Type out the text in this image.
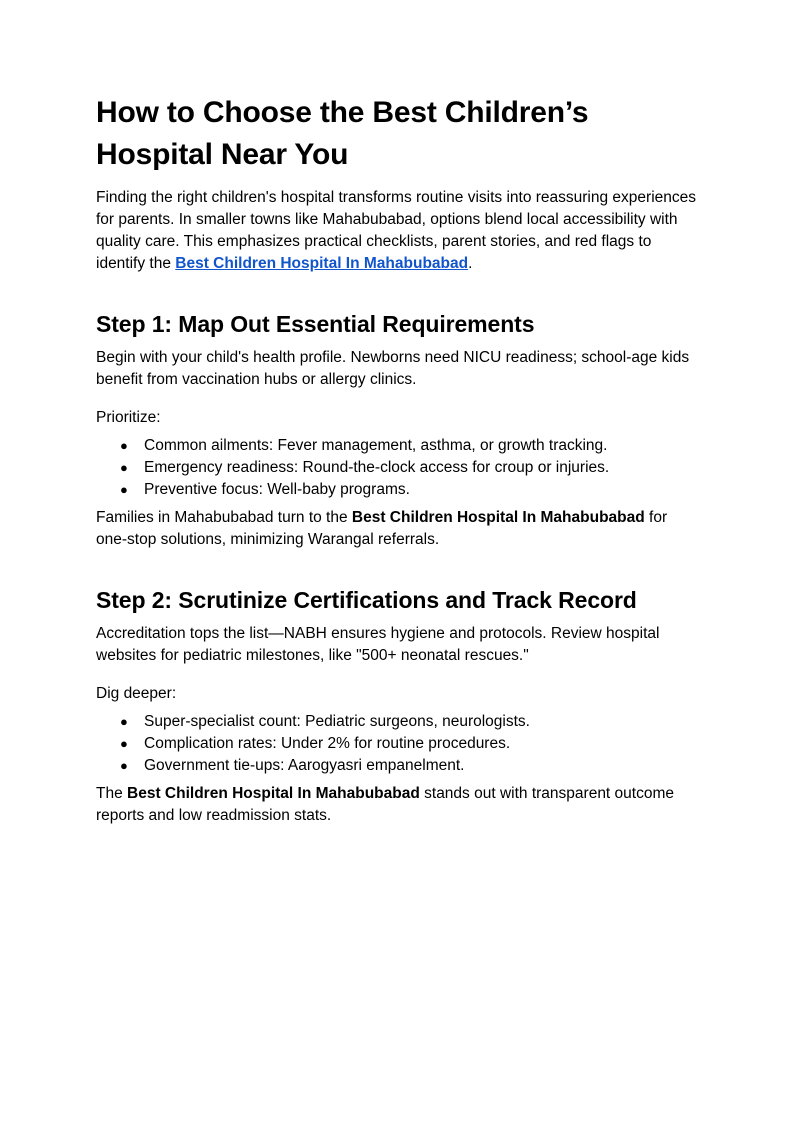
How to Choose the Best Children’s Hospital Near You

Finding the right children's hospital transforms routine visits into reassuring experiences for parents. In smaller towns like Mahabubabad, options blend local accessibility with quality care. This emphasizes practical checklists, parent stories, and red flags to identify the Best Children Hospital In Mahabubabad.

Step 1: Map Out Essential Requirements

Begin with your child's health profile. Newborns need NICU readiness; school-age kids benefit from vaccination hubs or allergy clinics.

Prioritize:

● Common ailments: Fever management, asthma, or growth tracking.
● Emergency readiness: Round-the-clock access for croup or injuries.
● Preventive focus: Well-baby programs.

Families in Mahabubabad turn to the Best Children Hospital In Mahabubabad for one-stop solutions, minimizing Warangal referrals.

Step 2: Scrutinize Certifications and Track Record

Accreditation tops the list—NABH ensures hygiene and protocols. Review hospital websites for pediatric milestones, like "500+ neonatal rescues."

Dig deeper:

● Super-specialist count: Pediatric surgeons, neurologists.
● Complication rates: Under 2% for routine procedures.
● Government tie-ups: Aarogyasri empanelment.

The Best Children Hospital In Mahabubabad stands out with transparent outcome reports and low readmission stats.
